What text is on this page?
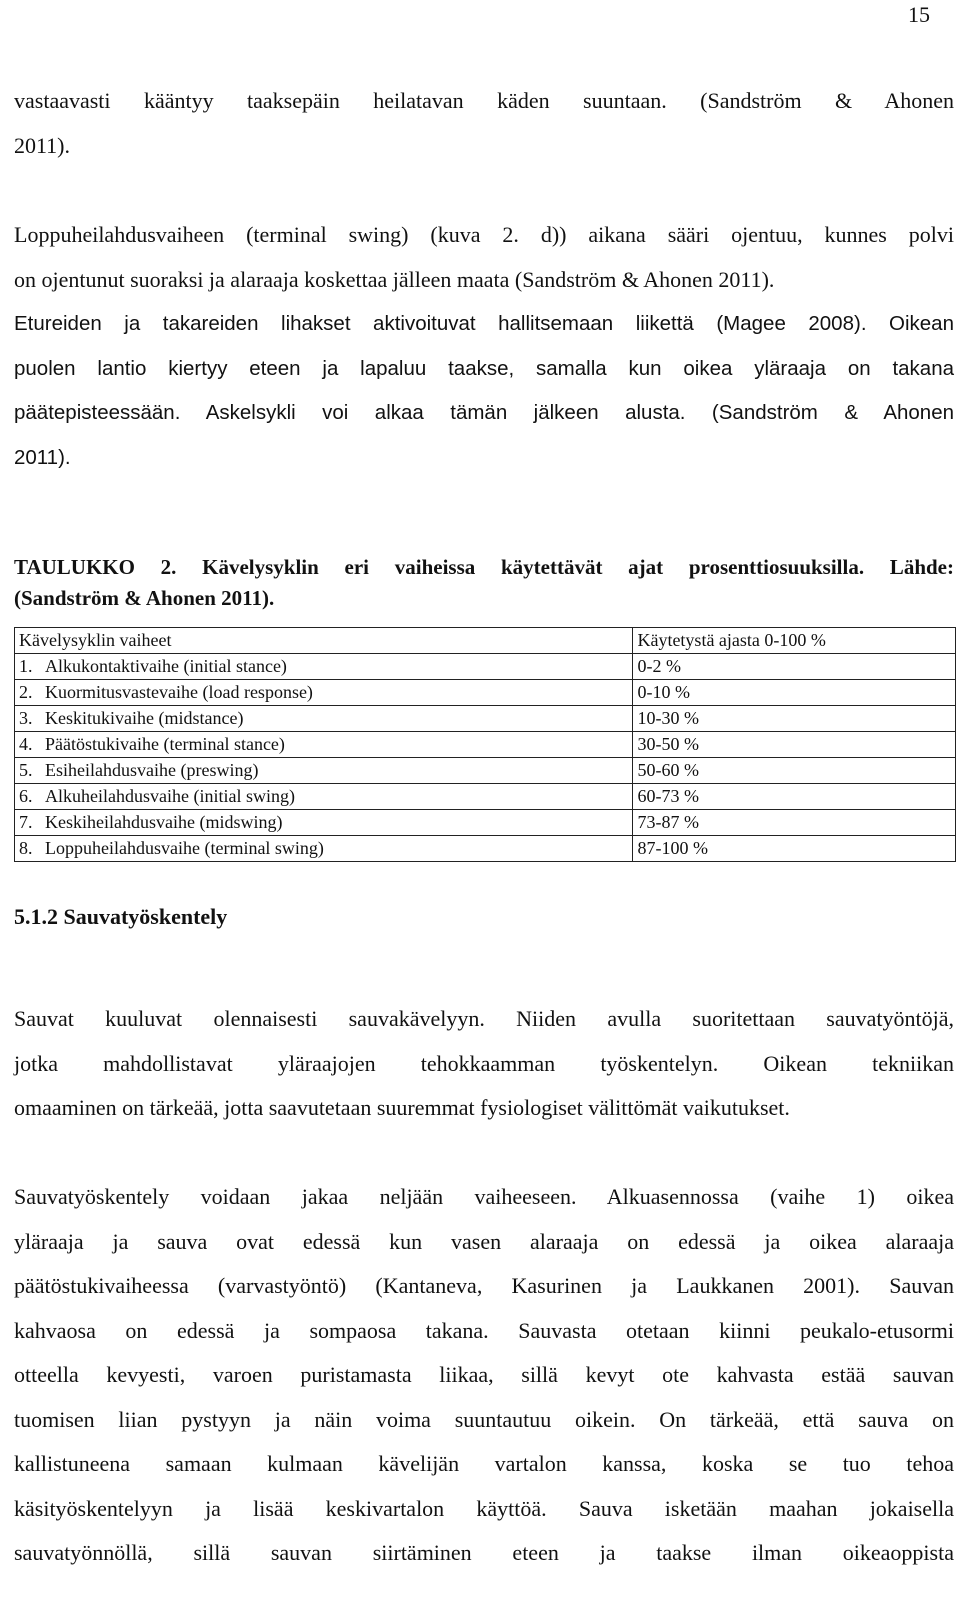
15

vastaavasti kääntyy taaksepäin heilatavan käden suuntaan. (Sandström & Ahonen
2011).

Loppuheilahdusvaiheen (terminal swing) (kuva 2. d)) aikana sääri ojentuu, kunnes polvi
on ojentunut suoraksi ja alaraaja koskettaa jälleen maata (Sandström & Ahonen 2011).
Etureiden ja takareiden lihakset aktivoituvat hallitsemaan liikettä (Magee 2008). Oikean
puolen lantio kiertyy eteen ja lapaluu taakse, samalla kun oikea yläraaja on takana
päätepisteessään. Askelsykli voi alkaa tämän jälkeen alusta. (Sandström & Ahonen
2011).

TAULUKKO 2. Kävelysyklin eri vaiheissa käytettävät ajat prosenttiosuuksilla. Lähde:
(Sandström & Ahonen 2011).

Kävelysyklin vaiheet	Käytetystä ajasta 0-100 %
1. Alkukontaktivaihe (initial stance)	0-2 %
2. Kuormitusvastevaihe (load response)	0-10 %
3. Keskitukivaihe (midstance)	10-30 %
4. Päätöstukivaihe (terminal stance)	30-50 %
5. Esiheilahdusvaihe (preswing)	50-60 %
6. Alkuheilahdusvaihe (initial swing)	60-73 %
7. Keskiheilahdusvaihe (midswing)	73-87 %
8. Loppuheilahdusvaihe (terminal swing)	87-100 %
5.1.2 Sauvatyöskentely

Sauvat kuuluvat olennaisesti sauvakävelyyn. Niiden avulla suoritettaan sauvatyöntöjä,
jotka mahdollistavat yläraajojen tehokkaamman työskentelyn. Oikean tekniikan
omaaminen on tärkeää, jotta saavutetaan suuremmat fysiologiset välittömät vaikutukset.

Sauvatyöskentely voidaan jakaa neljään vaiheeseen. Alkuasennossa (vaihe 1) oikea
yläraaja ja sauva ovat edessä kun vasen alaraaja on edessä ja oikea alaraaja
päätöstukivaiheessa (varvastyöntö) (Kantaneva, Kasurinen ja Laukkanen 2001). Sauvan
kahvaosa on edessä ja sompaosa takana. Sauvasta otetaan kiinni peukalo-etusormi
otteella kevyesti, varoen puristamasta liikaa, sillä kevyt ote kahvasta estää sauvan
tuomisen liian pystyyn ja näin voima suuntautuu oikein. On tärkeää, että sauva on
kallistuneena samaan kulmaan kävelijän vartalon kanssa, koska se tuo tehoa
käsityöskentelyyn ja lisää keskivartalon käyttöä. Sauva isketään maahan jokaisella
sauvatyönnöllä, sillä sauvan siirtäminen eteen ja taakse ilman oikeaoppista
